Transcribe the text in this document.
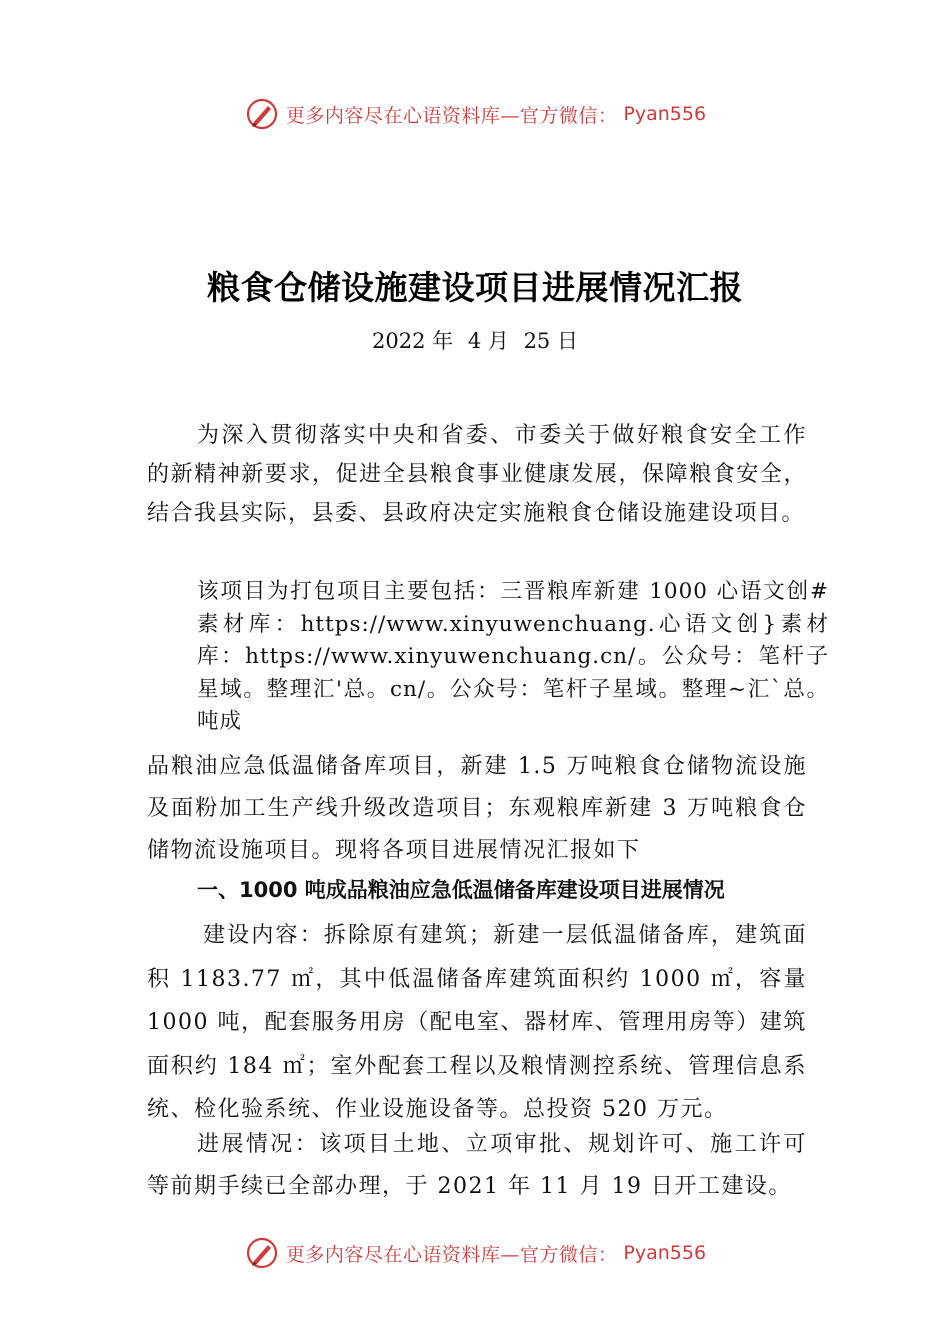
更多内容尽在心语资料库—官方微信： Pyan556
粮食仓储设施建设项目进展情况汇报
2022 年 4 月 25 日

为深入贯彻落实中央和省委、市委关于做好粮食安全工作的新精神新要求，促进全县粮食事业健康发展，保障粮食安全，结合我县实际，县委、县政府决定实施粮食仓储设施建设项目。

该项目为打包项目主要包括：三晋粮库新建 1000 心语文创#素材库：https://www.xinyuwenchuang.心语文创}素材库：https://www.xinyuwenchuang.cn/。公众号：笔杆子星域。整理汇'总。cn/。公众号：笔杆子星域。整理~汇`总。 吨成

品粮油应急低温储备库项目，新建 1.5 万吨粮食仓储物流设施及面粉加工生产线升级改造项目；东观粮库新建 3 万吨粮食仓储物流设施项目。现将各项目进展情况汇报如下

一、1000 吨成品粮油应急低温储备库建设项目进展情况

建设内容：拆除原有建筑；新建一层低温储备库，建筑面积 1183.77 ㎡，其中低温储备库建筑面积约 1000 ㎡，容量 1000 吨，配套服务用房（配电室、器材库、管理用房等）建筑面积约 184 ㎡；室外配套工程以及粮情测控系统、管理信息系统、检化验系统、作业设施设备等。总投资 520 万元。

进展情况：该项目土地、立项审批、规划许可、施工许可等前期手续已全部办理，于 2021 年 11 月 19 日开工建设。

更多内容尽在心语资料库—官方微信： Pyan556
